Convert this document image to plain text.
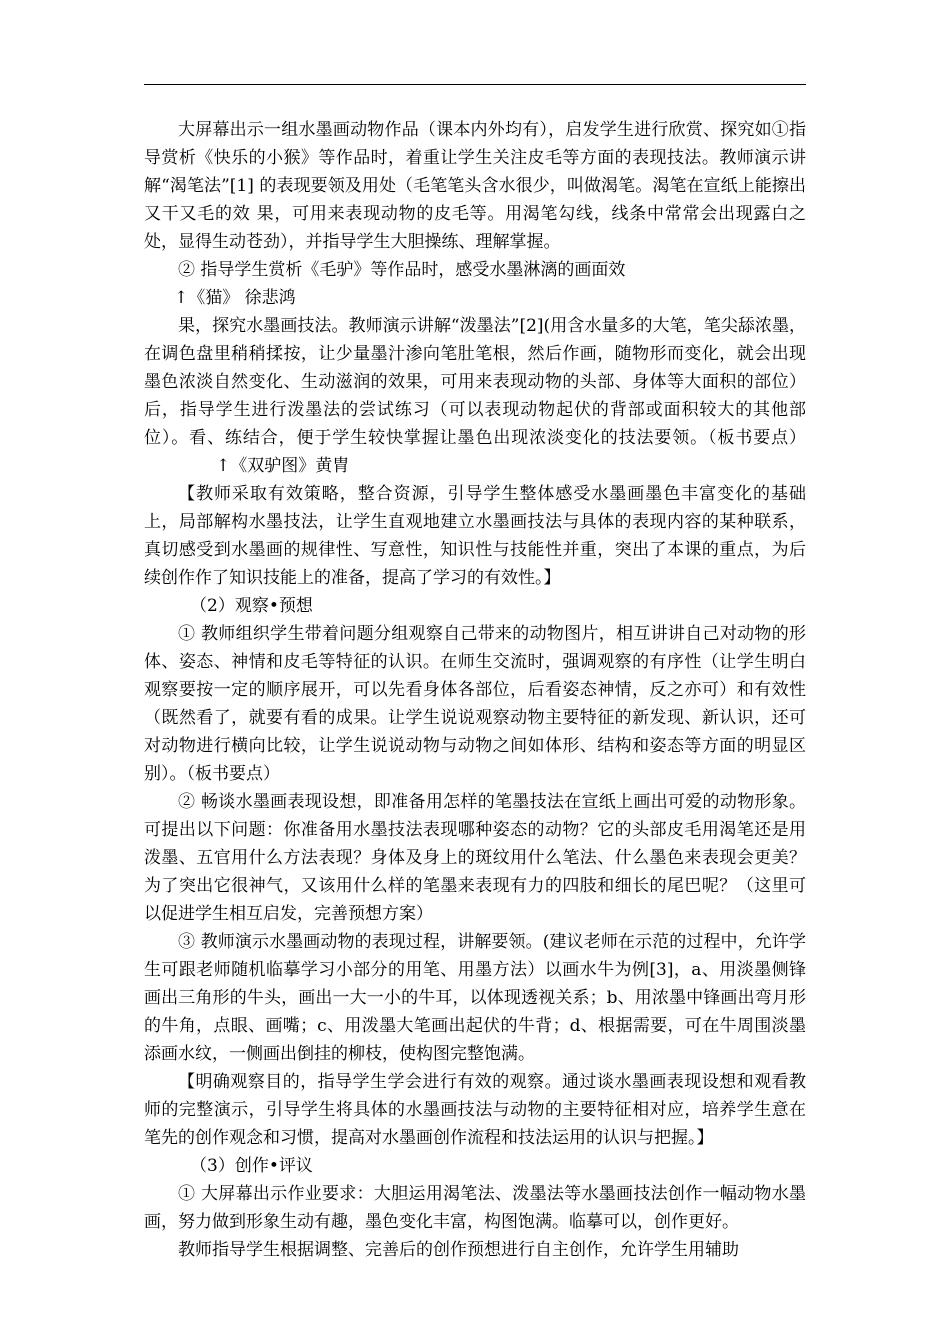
大屏幕出示一组水墨画动物作品（课本内外均有），启发学生进行欣赏、探究如①指导赏析《快乐的小猴》等作品时，着重让学生关注皮毛等方面的表现技法。教师演示讲解“渴笔法”[1] 的表现要领及用处（毛笔笔头含水很少，叫做渴笔。渴笔在宣纸上能擦出又干又毛的效 果，可用来表现动物的皮毛等。用渴笔勾线，线条中常常会出现露白之处，显得生动苍劲），并指导学生大胆操练、理解掌握。

② 指导学生赏析《毛驴》等作品时，感受水墨淋漓的画面效

↑《猫》 徐悲鸿

果，探究水墨画技法。教师演示讲解“泼墨法”[2](用含水量多的大笔，笔尖舔浓墨，在调色盘里稍稍揉按，让少量墨汁渗向笔肚笔根，然后作画，随物形而变化，就会出现墨色浓淡自然变化、生动滋润的效果，可用来表现动物的头部、身体等大面积的部位）后，指导学生进行泼墨法的尝试练习（可以表现动物起伏的背部或面积较大的其他部位）。看、练结合，便于学生较快掌握让墨色出现浓淡变化的技法要领。（板书要点）↑《双驴图》黄胄

【教师采取有效策略，整合资源，引导学生整体感受水墨画墨色丰富变化的基础上，局部解构水墨技法，让学生直观地建立水墨画技法与具体的表现内容的某种联系，真切感受到水墨画的规律性、写意性，知识性与技能性并重，突出了本课的重点，为后续创作作了知识技能上的准备，提高了学习的有效性。】

（2）观察•预想

① 教师组织学生带着问题分组观察自己带来的动物图片，相互讲讲自己对动物的形体、姿态、神情和皮毛等特征的认识。在师生交流时，强调观察的有序性（让学生明白观察要按一定的顺序展开，可以先看身体各部位，后看姿态神情，反之亦可）和有效性（既然看了，就要有看的成果。让学生说说观察动物主要特征的新发现、新认识，还可对动物进行横向比较，让学生说说动物与动物之间如体形、结构和姿态等方面的明显区别）。（板书要点）

② 畅谈水墨画表现设想，即准备用怎样的笔墨技法在宣纸上画出可爱的动物形象。可提出以下问题：你准备用水墨技法表现哪种姿态的动物？它的头部皮毛用渴笔还是用泼墨、五官用什么方法表现？身体及身上的斑纹用什么笔法、什么墨色来表现会更美？为了突出它很神气，又该用什么样的笔墨来表现有力的四肢和细长的尾巴呢？（这里可以促进学生相互启发，完善预想方案）

③ 教师演示水墨画动物的表现过程，讲解要领。(建议老师在示范的过程中，允许学生可跟老师随机临摹学习小部分的用笔、用墨方法）以画水牛为例[3]，a、用淡墨侧锋画出三角形的牛头，画出一大一小的牛耳，以体现透视关系；b、用浓墨中锋画出弯月形的牛角，点眼、画嘴；c、用泼墨大笔画出起伏的牛背；d、根据需要，可在牛周围淡墨添画水纹，一侧画出倒挂的柳枝，使构图完整饱满。

【明确观察目的，指导学生学会进行有效的观察。通过谈水墨画表现设想和观看教师的完整演示，引导学生将具体的水墨画技法与动物的主要特征相对应，培养学生意在笔先的创作观念和习惯，提高对水墨画创作流程和技法运用的认识与把握。】

（3）创作•评议

① 大屏幕出示作业要求：大胆运用渴笔法、泼墨法等水墨画技法创作一幅动物水墨画，努力做到形象生动有趣，墨色变化丰富，构图饱满。临摹可以，创作更好。

教师指导学生根据调整、完善后的创作预想进行自主创作，允许学生用辅助
